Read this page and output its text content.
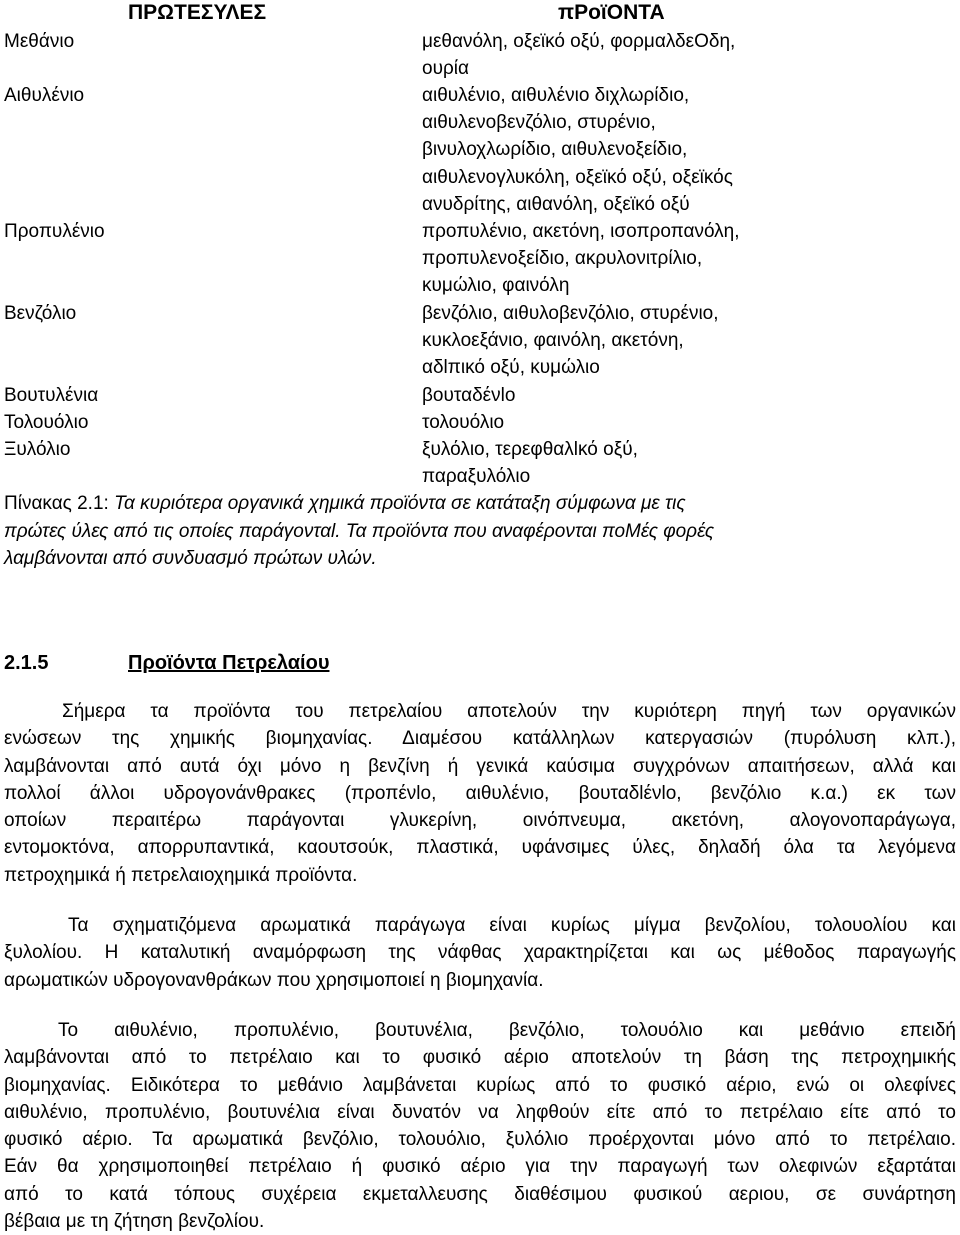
ΠΡΩΤΕΣΥΛΕΣ	πΡοϊΟΝΤΑ
Μεθάνιο	μεθανόλη, οξεϊκό οξύ, φορμαλδεΟδη,
ουρία
Αιθυλένιο	αιθυλένιο, αιθυλένιο διχλωρίδιο,
αιθυλενοβενζόλιο, στυρένιο,
βινυλοχλωρίδιο, αιθυλενοξείδιο,
αιθυλενογλυκόλη, οξεϊκό οξύ, οξεϊκός
ανυδρίτης, αιθανόλη, οξεϊκό οξύ
Προπυλένιο	προπυλένιο, ακετόνη, ισοπροπανόλη,
προπυλενοξείδιο, ακρυλονιτρίλιο,
κυμώλιο, φαινόλη
Βενζόλιο	βενζόλιο, αιθυλοβενζόλιο, στυρένιο,
κυκλοεξάνιο, φαινόλη, ακετόνη,
αδlπικό οξύ, κυμώλιο
Βουτυλένια	βουταδένlο
Τολουόλιο	τολουόλιο
Ξυλόλιο	ξυλόλιο, τερεφθαλlκό οξύ,
παραξυλόλιο
Πίνακας 2.1: Τα κυριότερα οργανικά χημικά προϊόντα σε κατάταξη σύμφωνα με τις
πρώτες ύλες από τις οποίες παράγονταl. Τα προϊόντα που αναφέρονται ποΜές φορές
λαμβάνονται από συνδυασμό πρώτων υλών.
2.1.5	Προϊόντα Πετρελαίου
Σήμερα τα προϊόντα του πετρελαίου αποτελούν την κυριότερη πηγή των οργανικών
ενώσεων της χημικής βιομηχανίας. Διαμέσου κατάλληλων κατεργασιών (πυρόλυση κλπ.),
λαμβάνονται από αυτά όχι μόνο η βενζίνη ή γενικά καύσιμα συγχρόνων απαιτήσεων, αλλά και
πολλοί άλλοι υδρογονάνθρακες (προπένlο, αιθυλένιο, βουταδlένlο, βενζόλιο κ.α.) εκ των
οποίων περαιτέρω παράγονται γλυκερίνη, οινόπνευμα, ακετόνη, αλογονοπαράγωγα,
εντομοκτόνα, απορρυπαντικά, καουτσούκ, πλαστικά, υφάνσιμες ύλες, δηλαδή όλα τα λεγόμενα
πετροχημικά ή πετρελαιοχημικά προϊόντα.
Τα σχηματιζόμενα αρωματικά παράγωγα είναι κυρίως μίγμα βενζολίου, τολουολίου και
ξυλολίου. Η καταλυτική αναμόρφωση της νάφθας χαρακτηρίζεται και ως μέθοδος παραγωγής
αρωματικών υδρογονανθράκων που χρησιμοποιεί η βιομηχανία.
Το αιθυλένιο, προπυλένιο, βουτυνέλια, βενζόλιο, τολουόλιο και μεθάνιο επειδή
λαμβάνονται από το πετρέλαιο και το φυσικό αέριο αποτελούν τη βάση της πετροχημικής
βιομηχανίας. Ειδικότερα το μεθάνιο λαμβάνεται κυρίως από το φυσικό αέριο, ενώ οι ολεφίνες
αιθυλένιο, προπυλένιο, βουτυνέλια είναι δυνατόν να ληφθούν είτε από το πετρέλαιο είτε από το
φυσικό αέριο. Τα αρωματικά βενζόλιο, τολουόλιο, ξυλόλιο προέρχονται μόνο από το πετρέλαιο.
Εάν θα χρησιμοποιηθεί πετρέλαιο ή φυσικό αέριο για την παραγωγή των ολεφινών εξαρτάται
από το κατά τόπους συχέρεια εκμεταλλευσης διαθέσιμου φυσικού αεριου, σε συνάρτηση
βέβαια με τη ζήτηση βενζολίου.
